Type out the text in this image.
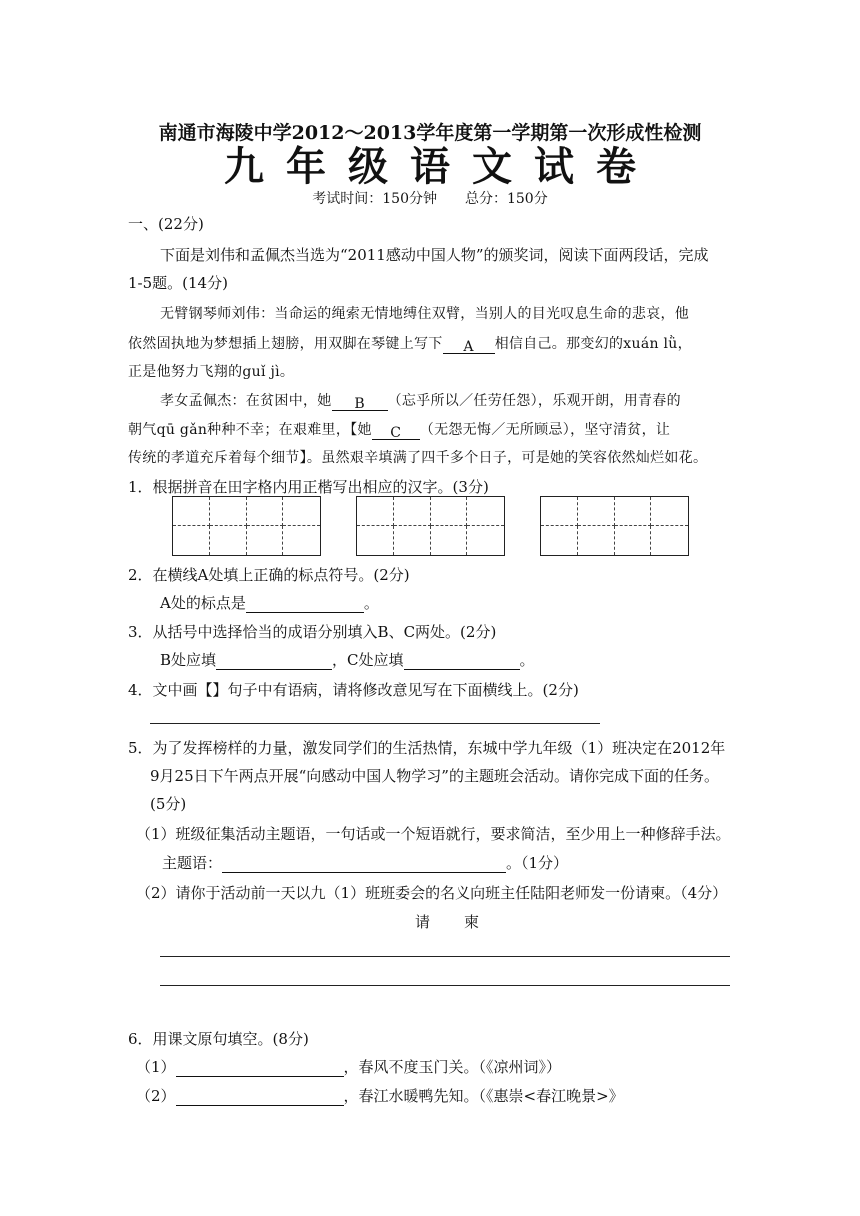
南通市海陵中学2012～2013学年度第一学期第一次形成性检测
九年级语文试卷
考试时间：150分钟　　总分：150分
一、(22分)
下面是刘伟和孟佩杰当选为“2011感动中国人物”的颁奖词，阅读下面两段话，完成
1-5题。(14分)
无臂钢琴师刘伟：当命运的绳索无情地缚住双臂，当别人的目光叹息生命的悲哀，他
依然固执地为梦想插上翅膀，用双脚在琴键上写下 A 相信自己。那变幻的xuán lǜ，
正是他努力飞翔的guǐ jì。
孝女孟佩杰：在贫困中，她 B （忘乎所以／任劳任怨），乐观开朗，用青春的
朝气qū gǎn种种不幸；在艰难里，【她 C （无怨无悔／无所顾忌），坚守清贫，让
传统的孝道充斥着每个细节】。虽然艰辛填满了四千多个日子，可是她的笑容依然灿烂如花。
1．根据拼音在田字格内用正楷写出相应的汉字。(3分)
2．在横线A处填上正确的标点符号。(2分)
A处的标点是	。
3．从括号中选择恰当的成语分别填入B、C两处。(2分)
B处应填	，C处应填	。
4．文中画【】句子中有语病，请将修改意见写在下面横线上。(2分)
5．为了发挥榜样的力量，激发同学们的生活热情，东城中学九年级（1）班决定在2012年
9月25日下午两点开展“向感动中国人物学习”的主题班会活动。请你完成下面的任务。
(5分)
（1）班级征集活动主题语，一句话或一个短语就行，要求简洁，至少用上一种修辞手法。
主题语：	。（1分）
（2）请你于活动前一天以九（1）班班委会的名义向班主任陆阳老师发一份请柬。（4分）
请柬
6．用课文原句填空。(8分)
（1）	，春风不度玉门关。（《凉州词》）
（2）	，春江水暖鸭先知。（《惠崇<春江晚景>》
